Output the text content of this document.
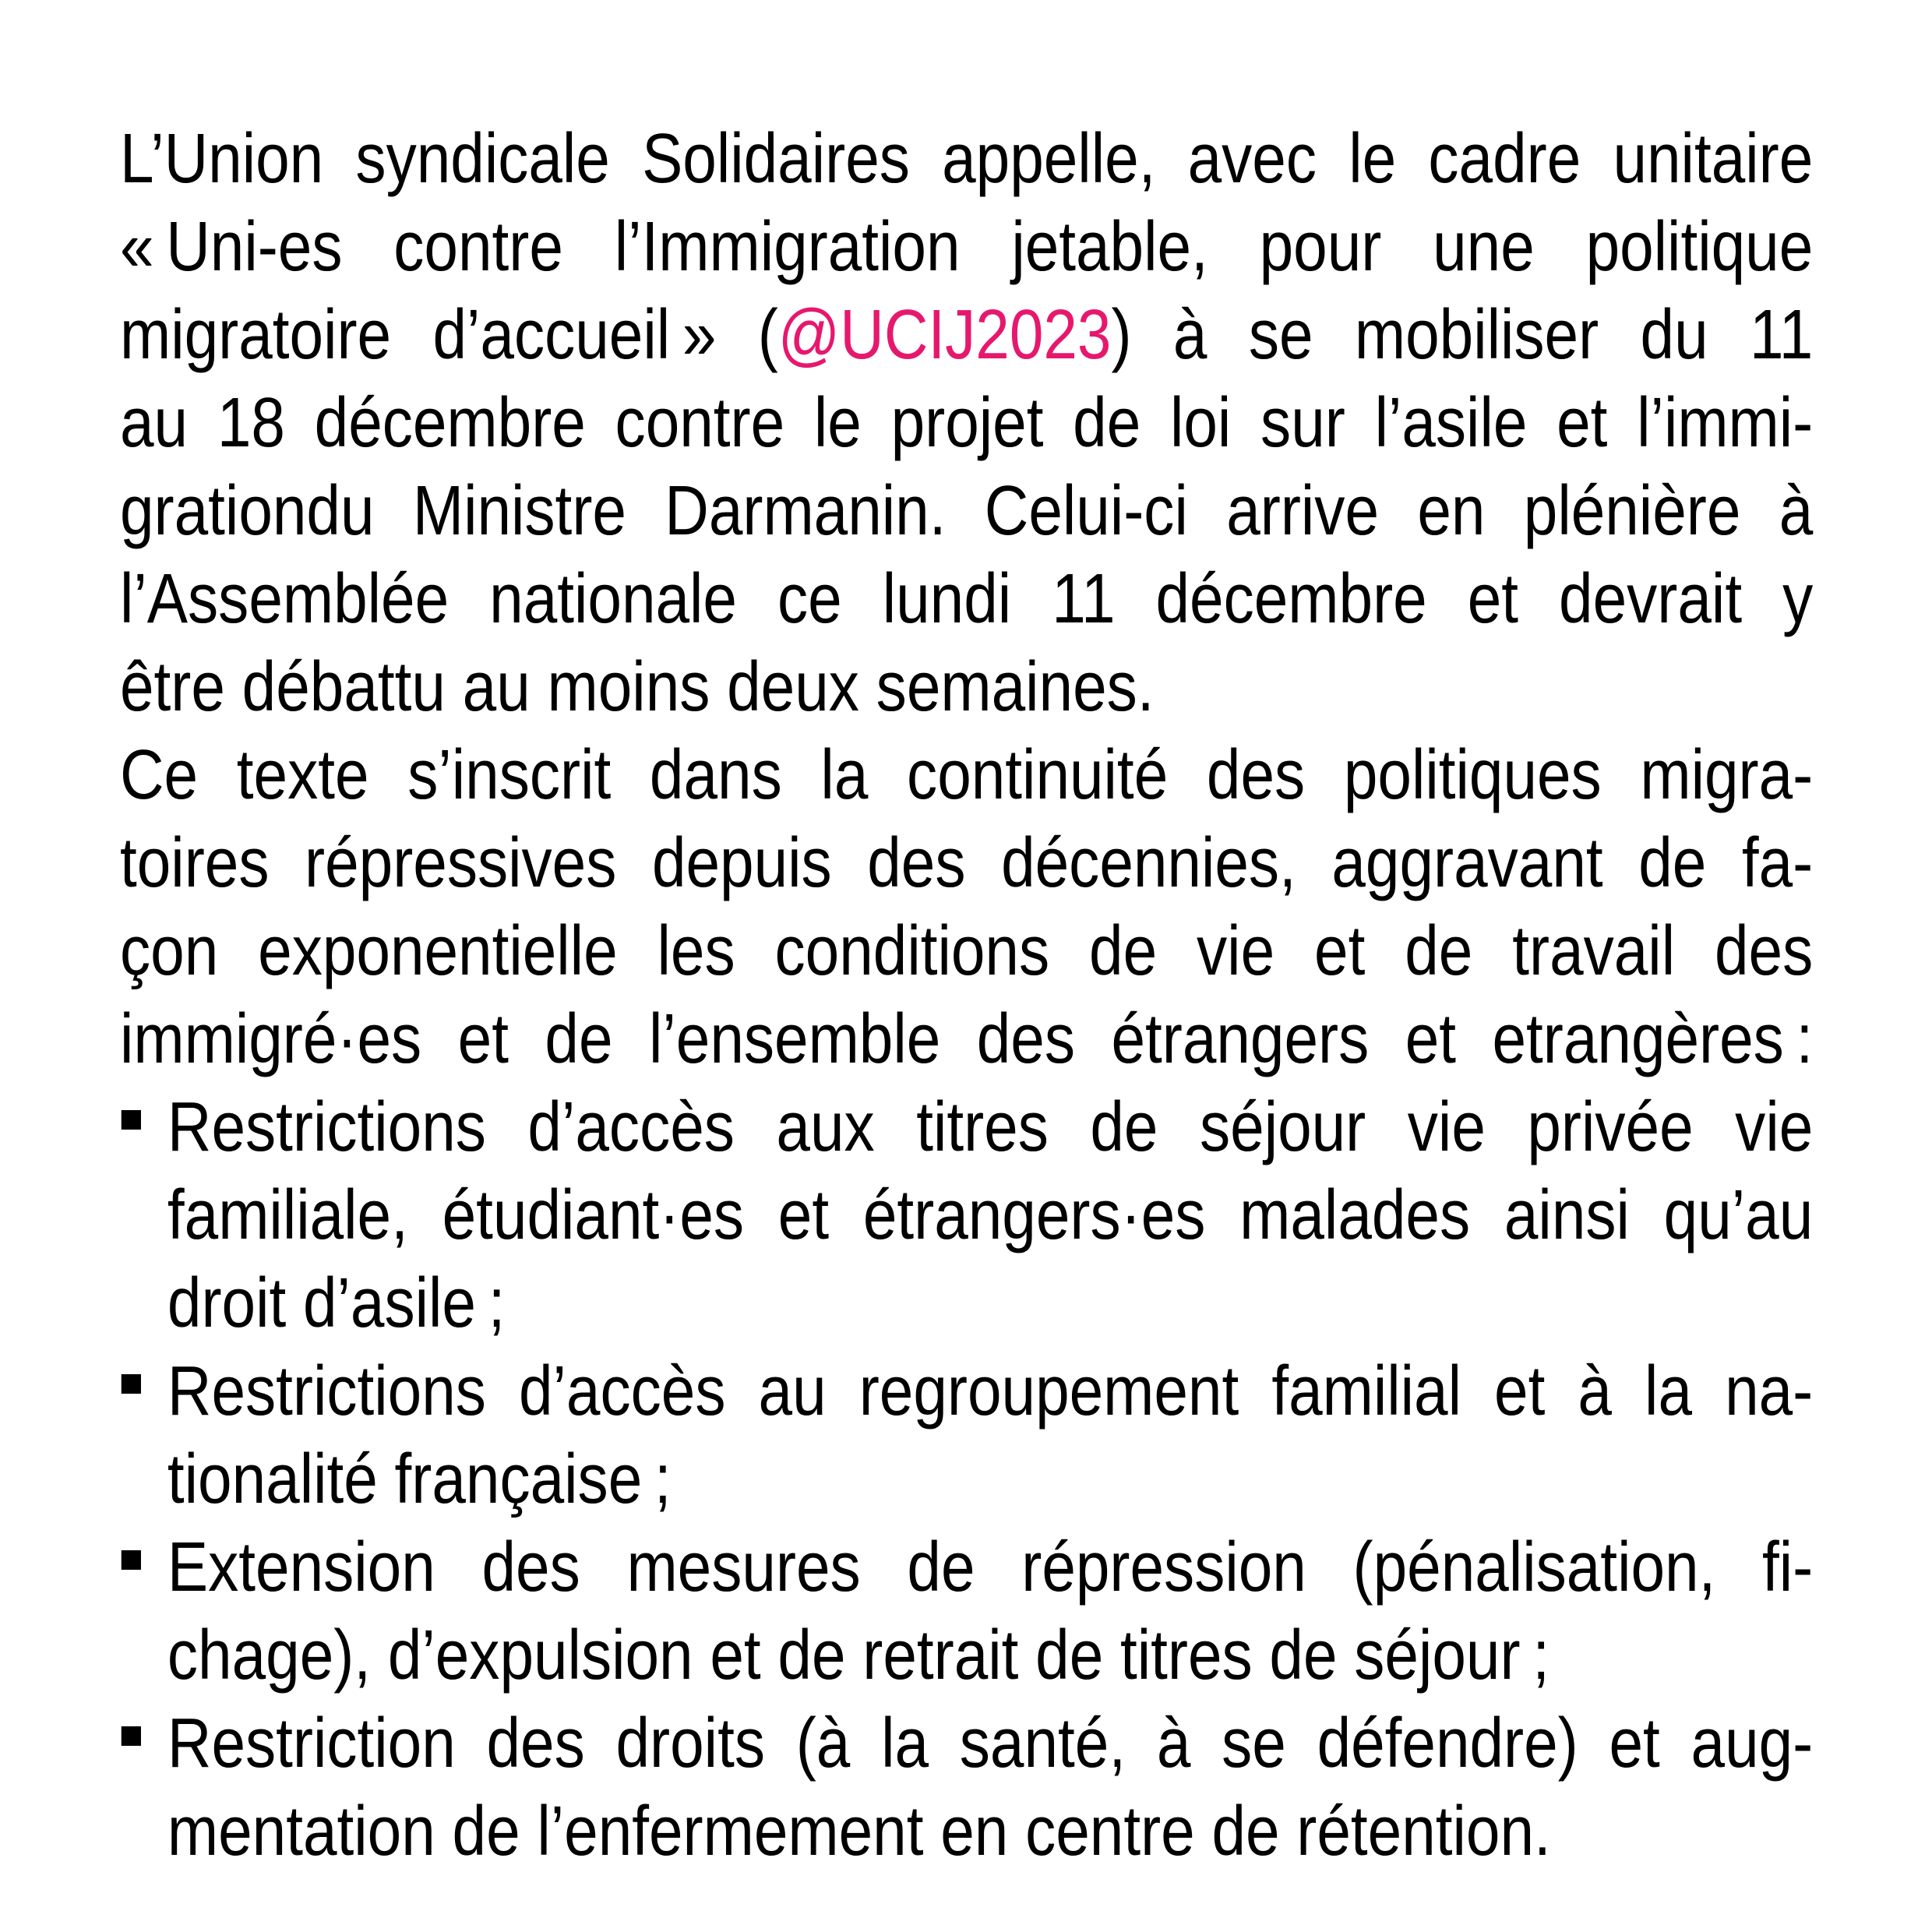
L’Union syndicale Solidaires appelle, avec le cadre unitaire
« Uni-es contre l’Immigration jetable, pour une politique
migratoire d’accueil » (@UCIJ2023) à se mobiliser du 11
au 18 décembre contre le projet de loi sur l’asile et l’immi-
grationdu Ministre Darmanin. Celui-ci arrive en plénière à
l’Assemblée nationale ce lundi 11 décembre et devrait y
être débattu au moins deux semaines.
Ce texte s’inscrit dans la continuité des politiques migra-
toires répressives depuis des décennies, aggravant de fa-
çon exponentielle les conditions de vie et de travail des
immigré·es et de l’ensemble des étrangers et etrangères :
Restrictions d’accès aux titres de séjour vie privée vie
familiale, étudiant·es et étrangers·es malades ainsi qu’au
droit d’asile ;
Restrictions d’accès au regroupement familial et à la na-
tionalité française ;
Extension des mesures de répression (pénalisation, fi-
chage), d’expulsion et de retrait de titres de séjour ;
Restriction des droits (à la santé, à se défendre) et aug-
mentation de l’enfermement en centre de rétention.
